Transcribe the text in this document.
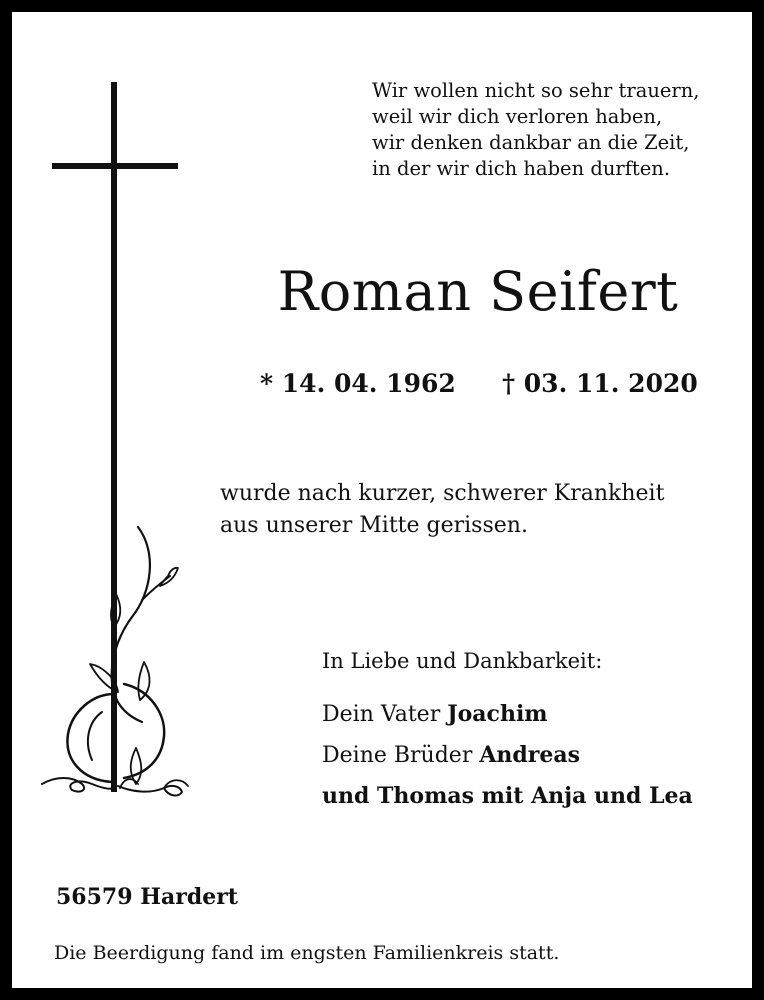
Wir wollen nicht so sehr trauern,
weil wir dich verloren haben,
wir denken dankbar an die Zeit,
in der wir dich haben durften.
Roman Seifert
* 14. 04. 1962 † 03. 11. 2020
wurde nach kurzer, schwerer Krankheit
aus unserer Mitte gerissen.
In Liebe und Dankbarkeit:
Dein Vater Joachim
Deine Brüder Andreas
und Thomas mit Anja und Lea
56579 Hardert
Die Beerdigung fand im engsten Familienkreis statt.
